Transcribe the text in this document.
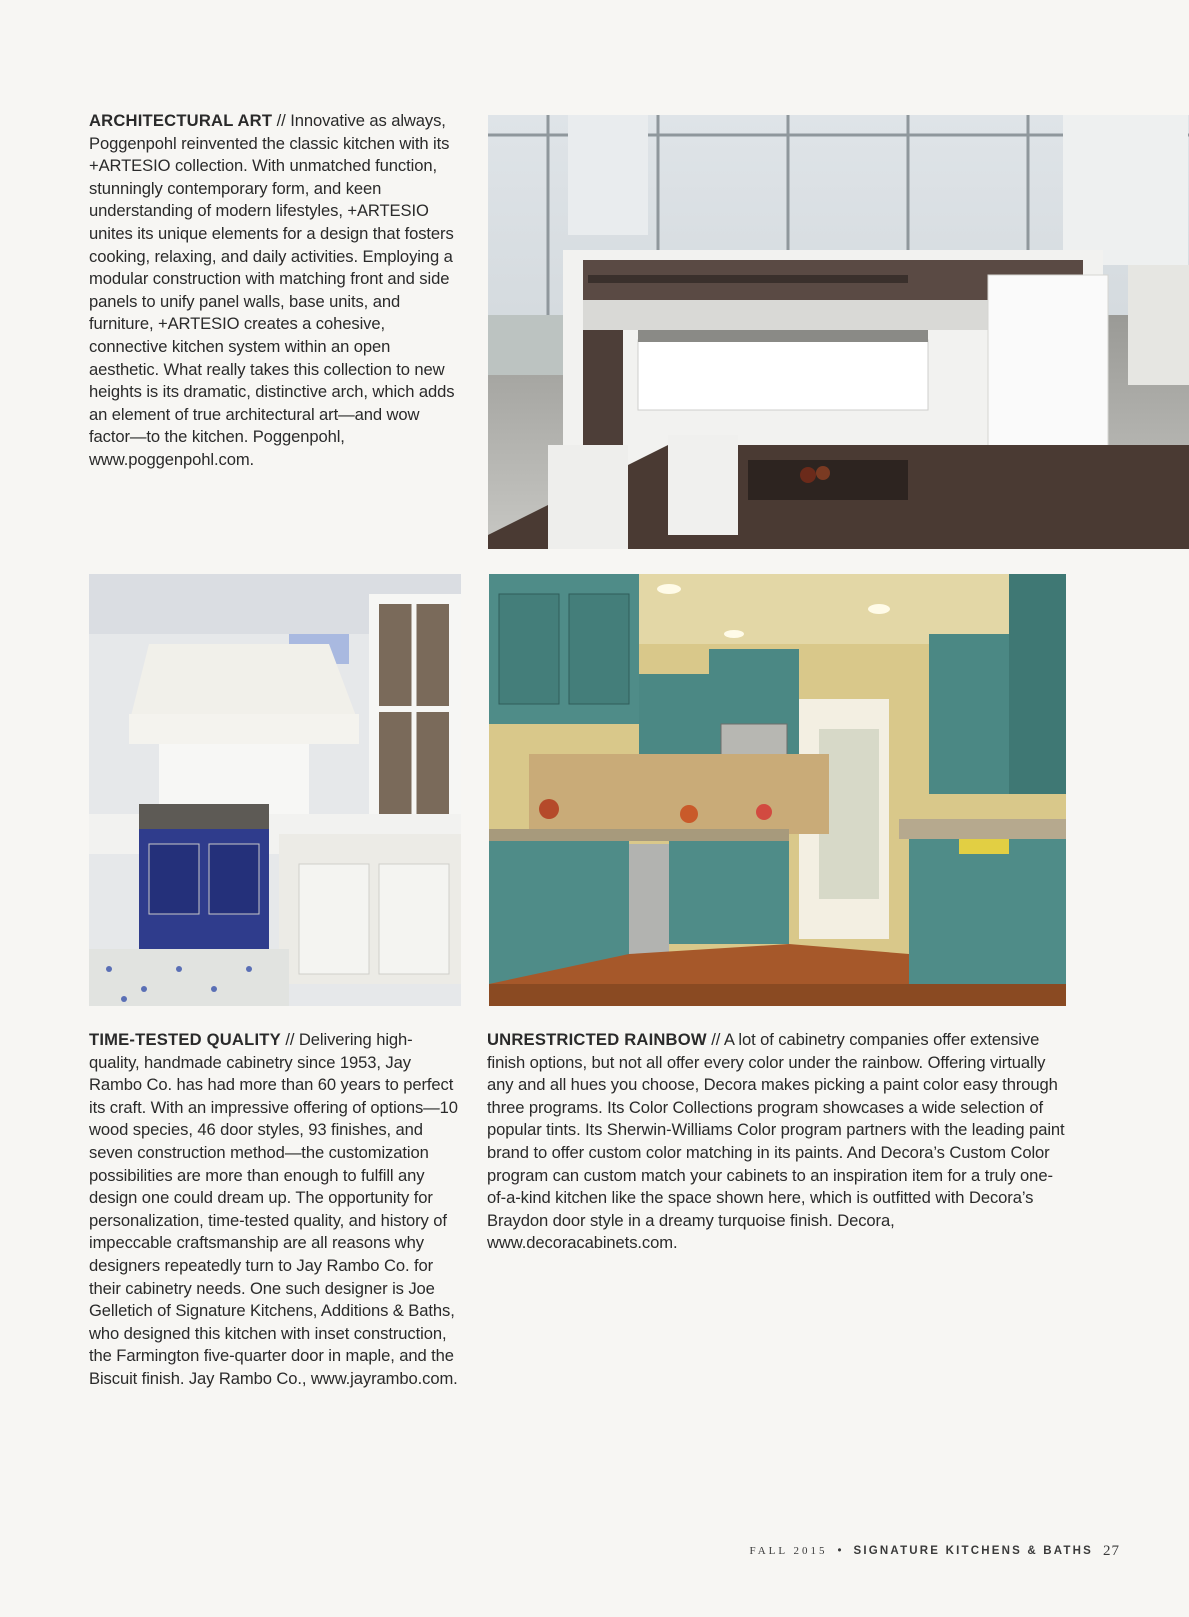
ARCHITECTURAL ART // Innovative as always, Poggenpohl reinvented the classic kitchen with its +ARTESIO collection. With unmatched function, stunningly contemporary form, and keen understanding of modern lifestyles, +ARTESIO unites its unique elements for a design that fosters cooking, relaxing, and daily activities. Employing a modular construction with matching front and side panels to unify panel walls, base units, and furniture, +ARTESIO creates a cohesive, connective kitchen system within an open aesthetic. What really takes this collection to new heights is its dramatic, distinctive arch, which adds an element of true architectural art—and wow factor—to the kitchen. Poggenpohl, www.poggenpohl.com.
TIME-TESTED QUALITY // Delivering high-quality, handmade cabinetry since 1953, Jay Rambo Co. has had more than 60 years to perfect its craft. With an impressive offering of options—10 wood species, 46 door styles, 93 finishes, and seven construction method—the customization possibilities are more than enough to fulfill any design one could dream up. The opportunity for personalization, time-tested quality, and history of impeccable craftsmanship are all reasons why designers repeatedly turn to Jay Rambo Co. for their cabinetry needs. One such designer is Joe Gelletich of Signature Kitchens, Additions & Baths, who designed this kitchen with inset construction, the Farmington five-quarter door in maple, and the Biscuit finish. Jay Rambo Co., www.jayrambo.com.
UNRESTRICTED RAINBOW // A lot of cabinetry companies offer extensive finish options, but not all offer every color under the rainbow. Offering virtually any and all hues you choose, Decora makes picking a paint color easy through three programs. Its Color Collections program showcases a wide selection of popular tints. Its Sherwin-Williams Color program partners with the leading paint brand to offer custom color matching in its paints. And Decora’s Custom Color program can custom match your cabinets to an inspiration item for a truly one-of-a-kind kitchen like the space shown here, which is outfitted with Decora’s Braydon door style in a dreamy turquoise finish. Decora, www.decoracabinets.com.
FALL 2015 • SIGNATURE KITCHENS & BATHS 27
